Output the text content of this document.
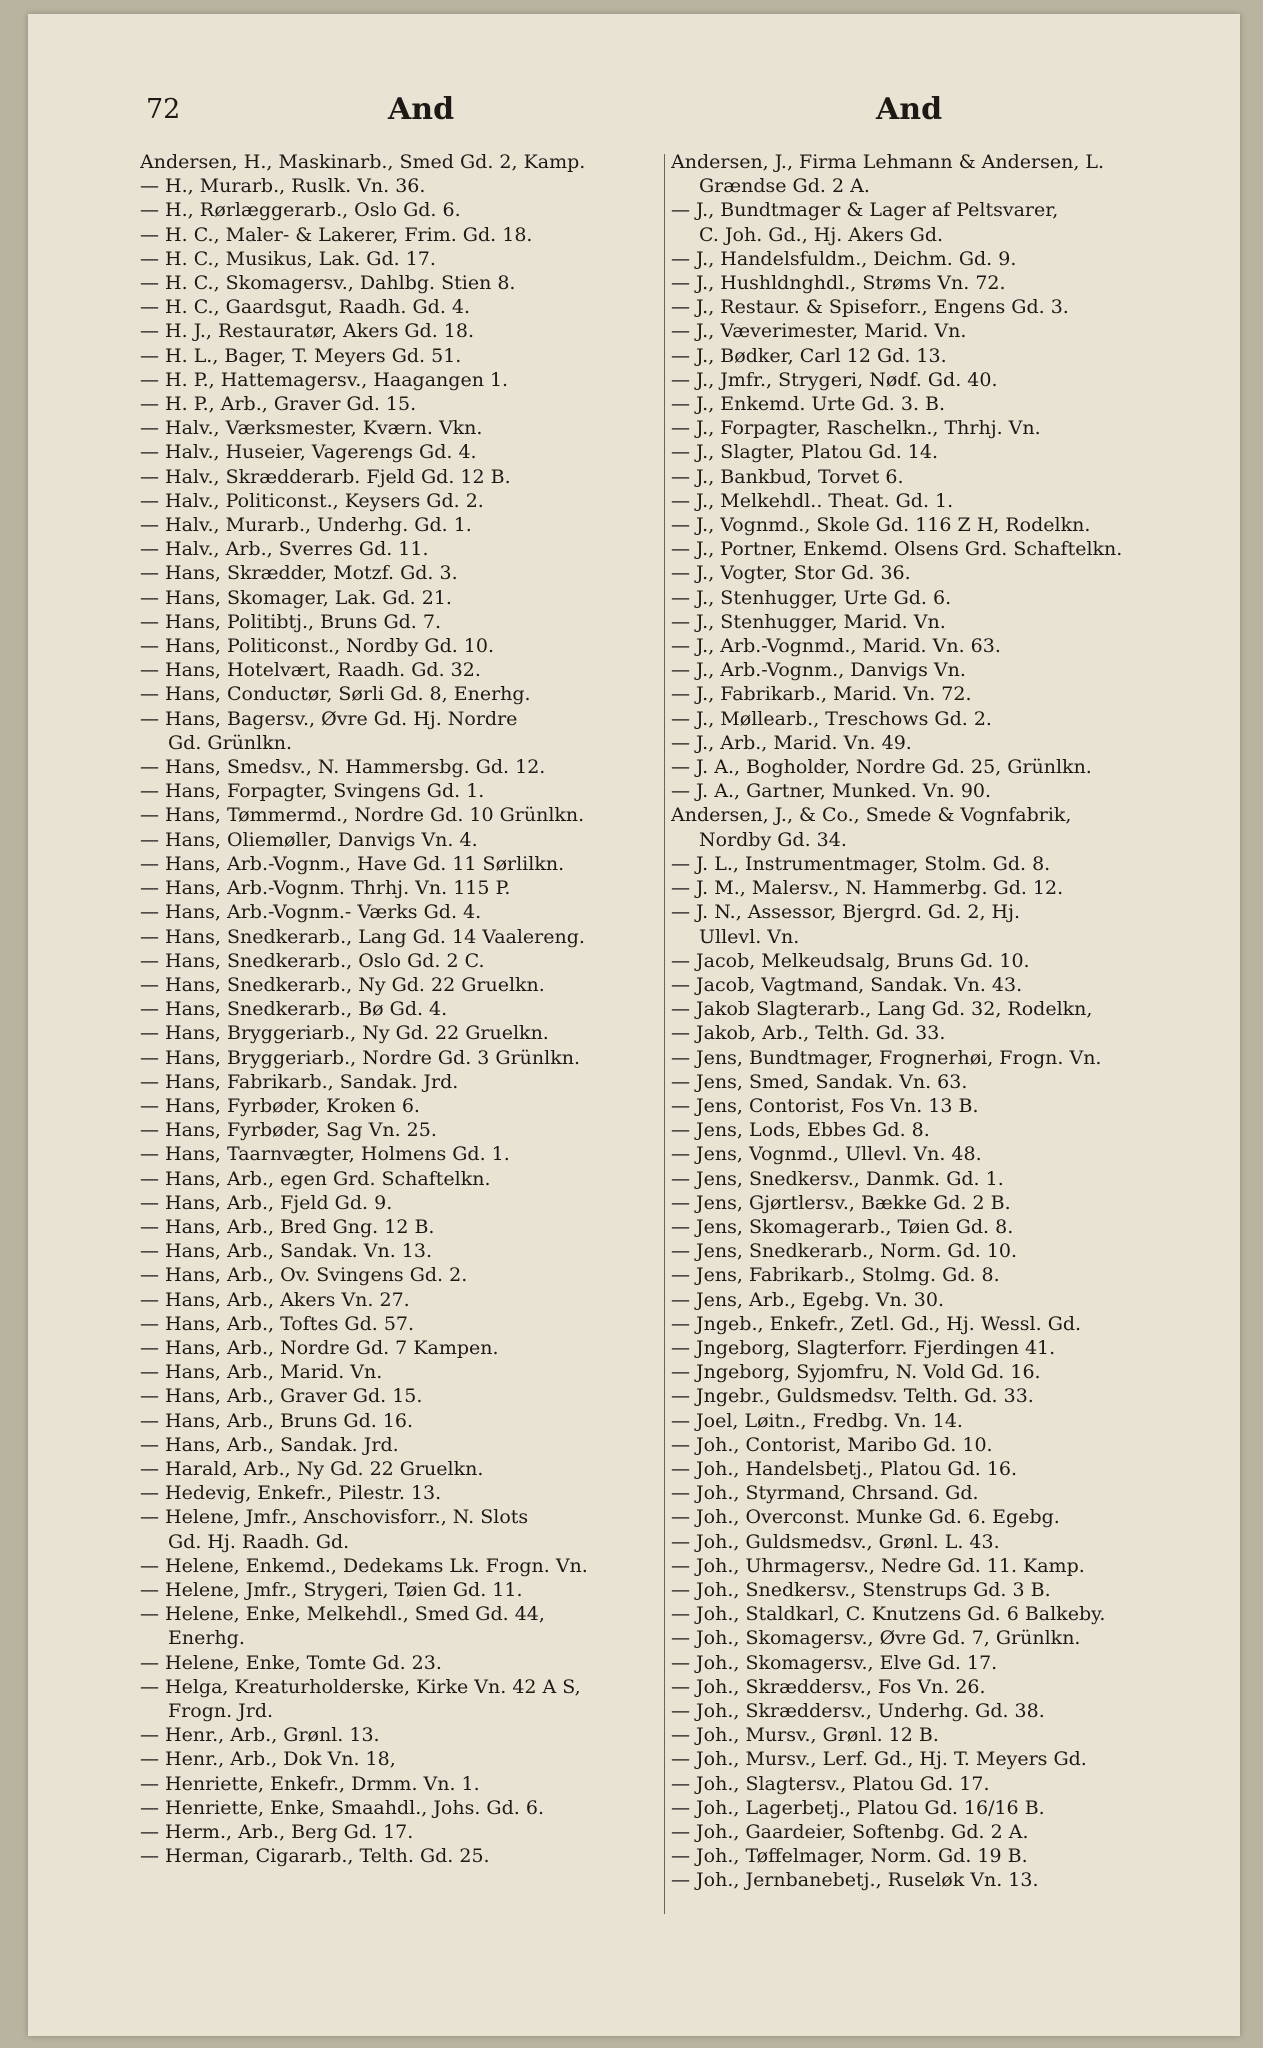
72	And	And
Andersen, H., Maskinarb., Smed Gd. 2, Kamp.
— H., Murarb., Ruslk. Vn. 36.
— H., Rørlæggerarb., Oslo Gd. 6.
— H. C., Maler- & Lakerer, Frim. Gd. 18.
— H. C., Musikus, Lak. Gd. 17.
— H. C., Skomagersv., Dahlbg. Stien 8.
— H. C., Gaardsgut, Raadh. Gd. 4.
— H. J., Restauratør, Akers Gd. 18.
— H. L., Bager, T. Meyers Gd. 51.
— H. P., Hattemagersv., Haagangen 1.
— H. P., Arb., Graver Gd. 15.
— Halv., Værksmester, Kværn. Vkn.
— Halv., Huseier, Vagerengs Gd. 4.
— Halv., Skrædderarb. Fjeld Gd. 12 B.
— Halv., Politiconst., Keysers Gd. 2.
— Halv., Murarb., Underhg. Gd. 1.
— Halv., Arb., Sverres Gd. 11.
— Hans, Skrædder, Motzf. Gd. 3.
— Hans, Skomager, Lak. Gd. 21.
— Hans, Politibtj., Bruns Gd. 7.
— Hans, Politiconst., Nordby Gd. 10.
— Hans, Hotelvært, Raadh. Gd. 32.
— Hans, Conductør, Sørli Gd. 8, Enerhg.
— Hans, Bagersv., Øvre Gd. Hj. Nordre
Gd. Grünlkn.
— Hans, Smedsv., N. Hammersbg. Gd. 12.
— Hans, Forpagter, Svingens Gd. 1.
— Hans, Tømmermd., Nordre Gd. 10 Grünlkn.
— Hans, Oliemøller, Danvigs Vn. 4.
— Hans, Arb.-Vognm., Have Gd. 11 Sørlilkn.
— Hans, Arb.-Vognm. Thrhj. Vn. 115 P.
— Hans, Arb.-Vognm.- Værks Gd. 4.
— Hans, Snedkerarb., Lang Gd. 14 Vaalereng.
— Hans, Snedkerarb., Oslo Gd. 2 C.
— Hans, Snedkerarb., Ny Gd. 22 Gruelkn.
— Hans, Snedkerarb., Bø Gd. 4.
— Hans, Bryggeriarb., Ny Gd. 22 Gruelkn.
— Hans, Bryggeriarb., Nordre Gd. 3 Grünlkn.
— Hans, Fabrikarb., Sandak. Jrd.
— Hans, Fyrbøder, Kroken 6.
— Hans, Fyrbøder, Sag Vn. 25.
— Hans, Taarnvægter, Holmens Gd. 1.
— Hans, Arb., egen Grd. Schaftelkn.
— Hans, Arb., Fjeld Gd. 9.
— Hans, Arb., Bred Gng. 12 B.
— Hans, Arb., Sandak. Vn. 13.
— Hans, Arb., Ov. Svingens Gd. 2.
— Hans, Arb., Akers Vn. 27.
— Hans, Arb., Toftes Gd. 57.
— Hans, Arb., Nordre Gd. 7 Kampen.
— Hans, Arb., Marid. Vn.
— Hans, Arb., Graver Gd. 15.
— Hans, Arb., Bruns Gd. 16.
— Hans, Arb., Sandak. Jrd.
— Harald, Arb., Ny Gd. 22 Gruelkn.
— Hedevig, Enkefr., Pilestr. 13.
— Helene, Jmfr., Anschovisforr., N. Slots
Gd. Hj. Raadh. Gd.
— Helene, Enkemd., Dedekams Lk. Frogn. Vn.
— Helene, Jmfr., Strygeri, Tøien Gd. 11.
— Helene, Enke, Melkehdl., Smed Gd. 44,
Enerhg.
— Helene, Enke, Tomte Gd. 23.
— Helga, Kreaturholderske, Kirke Vn. 42 A S,
Frogn. Jrd.
— Henr., Arb., Grønl. 13.
— Henr., Arb., Dok Vn. 18,
— Henriette, Enkefr., Drmm. Vn. 1.
— Henriette, Enke, Smaahdl., Johs. Gd. 6.
— Herm., Arb., Berg Gd. 17.
— Herman, Cigararb., Telth. Gd. 25.
Andersen, J., Firma Lehmann & Andersen, L.
Grændse Gd. 2 A.
— J., Bundtmager & Lager af Peltsvarer,
C. Joh. Gd., Hj. Akers Gd.
— J., Handelsfuldm., Deichm. Gd. 9.
— J., Hushldnghdl., Strøms Vn. 72.
— J., Restaur. & Spiseforr., Engens Gd. 3.
— J., Væverimester, Marid. Vn.
— J., Bødker, Carl 12 Gd. 13.
— J., Jmfr., Strygeri, Nødf. Gd. 40.
— J., Enkemd. Urte Gd. 3. B.
— J., Forpagter, Raschelkn., Thrhj. Vn.
— J., Slagter, Platou Gd. 14.
— J., Bankbud, Torvet 6.
— J., Melkehdl.. Theat. Gd. 1.
— J., Vognmd., Skole Gd. 116 Z H, Rodelkn.
— J., Portner, Enkemd. Olsens Grd. Schaftelkn.
— J., Vogter, Stor Gd. 36.
— J., Stenhugger, Urte Gd. 6.
— J., Stenhugger, Marid. Vn.
— J., Arb.-Vognmd., Marid. Vn. 63.
— J., Arb.-Vognm., Danvigs Vn.
— J., Fabrikarb., Marid. Vn. 72.
— J., Møllearb., Treschows Gd. 2.
— J., Arb., Marid. Vn. 49.
— J. A., Bogholder, Nordre Gd. 25, Grünlkn.
— J. A., Gartner, Munked. Vn. 90.
Andersen, J., & Co., Smede & Vognfabrik,
Nordby Gd. 34.
— J. L., Instrumentmager, Stolm. Gd. 8.
— J. M., Malersv., N. Hammerbg. Gd. 12.
— J. N., Assessor, Bjergrd. Gd. 2, Hj.
Ullevl. Vn.
— Jacob, Melkeudsalg, Bruns Gd. 10.
— Jacob, Vagtmand, Sandak. Vn. 43.
— Jakob Slagterarb., Lang Gd. 32, Rodelkn,
— Jakob, Arb., Telth. Gd. 33.
— Jens, Bundtmager, Frognerhøi, Frogn. Vn.
— Jens, Smed, Sandak. Vn. 63.
— Jens, Contorist, Fos Vn. 13 B.
— Jens, Lods, Ebbes Gd. 8.
— Jens, Vognmd., Ullevl. Vn. 48.
— Jens, Snedkersv., Danmk. Gd. 1.
— Jens, Gjørtlersv., Bække Gd. 2 B.
— Jens, Skomagerarb., Tøien Gd. 8.
— Jens, Snedkerarb., Norm. Gd. 10.
— Jens, Fabrikarb., Stolmg. Gd. 8.
— Jens, Arb., Egebg. Vn. 30.
— Jngeb., Enkefr., Zetl. Gd., Hj. Wessl. Gd.
— Jngeborg, Slagterforr. Fjerdingen 41.
— Jngeborg, Syjomfru, N. Vold Gd. 16.
— Jngebr., Guldsmedsv. Telth. Gd. 33.
— Joel, Løitn., Fredbg. Vn. 14.
— Joh., Contorist, Maribo Gd. 10.
— Joh., Handelsbetj., Platou Gd. 16.
— Joh., Styrmand, Chrsand. Gd.
— Joh., Overconst. Munke Gd. 6. Egebg.
— Joh., Guldsmedsv., Grønl. L. 43.
— Joh., Uhrmagersv., Nedre Gd. 11. Kamp.
— Joh., Snedkersv., Stenstrups Gd. 3 B.
— Joh., Staldkarl, C. Knutzens Gd. 6 Balkeby.
— Joh., Skomagersv., Øvre Gd. 7, Grünlkn.
— Joh., Skomagersv., Elve Gd. 17.
— Joh., Skræddersv., Fos Vn. 26.
— Joh., Skræddersv., Underhg. Gd. 38.
— Joh., Mursv., Grønl. 12 B.
— Joh., Mursv., Lerf. Gd., Hj. T. Meyers Gd.
— Joh., Slagtersv., Platou Gd. 17.
— Joh., Lagerbetj., Platou Gd. 16/16 B.
— Joh., Gaardeier, Softenbg. Gd. 2 A.
— Joh., Tøffelmager, Norm. Gd. 19 B.
— Joh., Jernbanebetj., Ruseløk Vn. 13.
